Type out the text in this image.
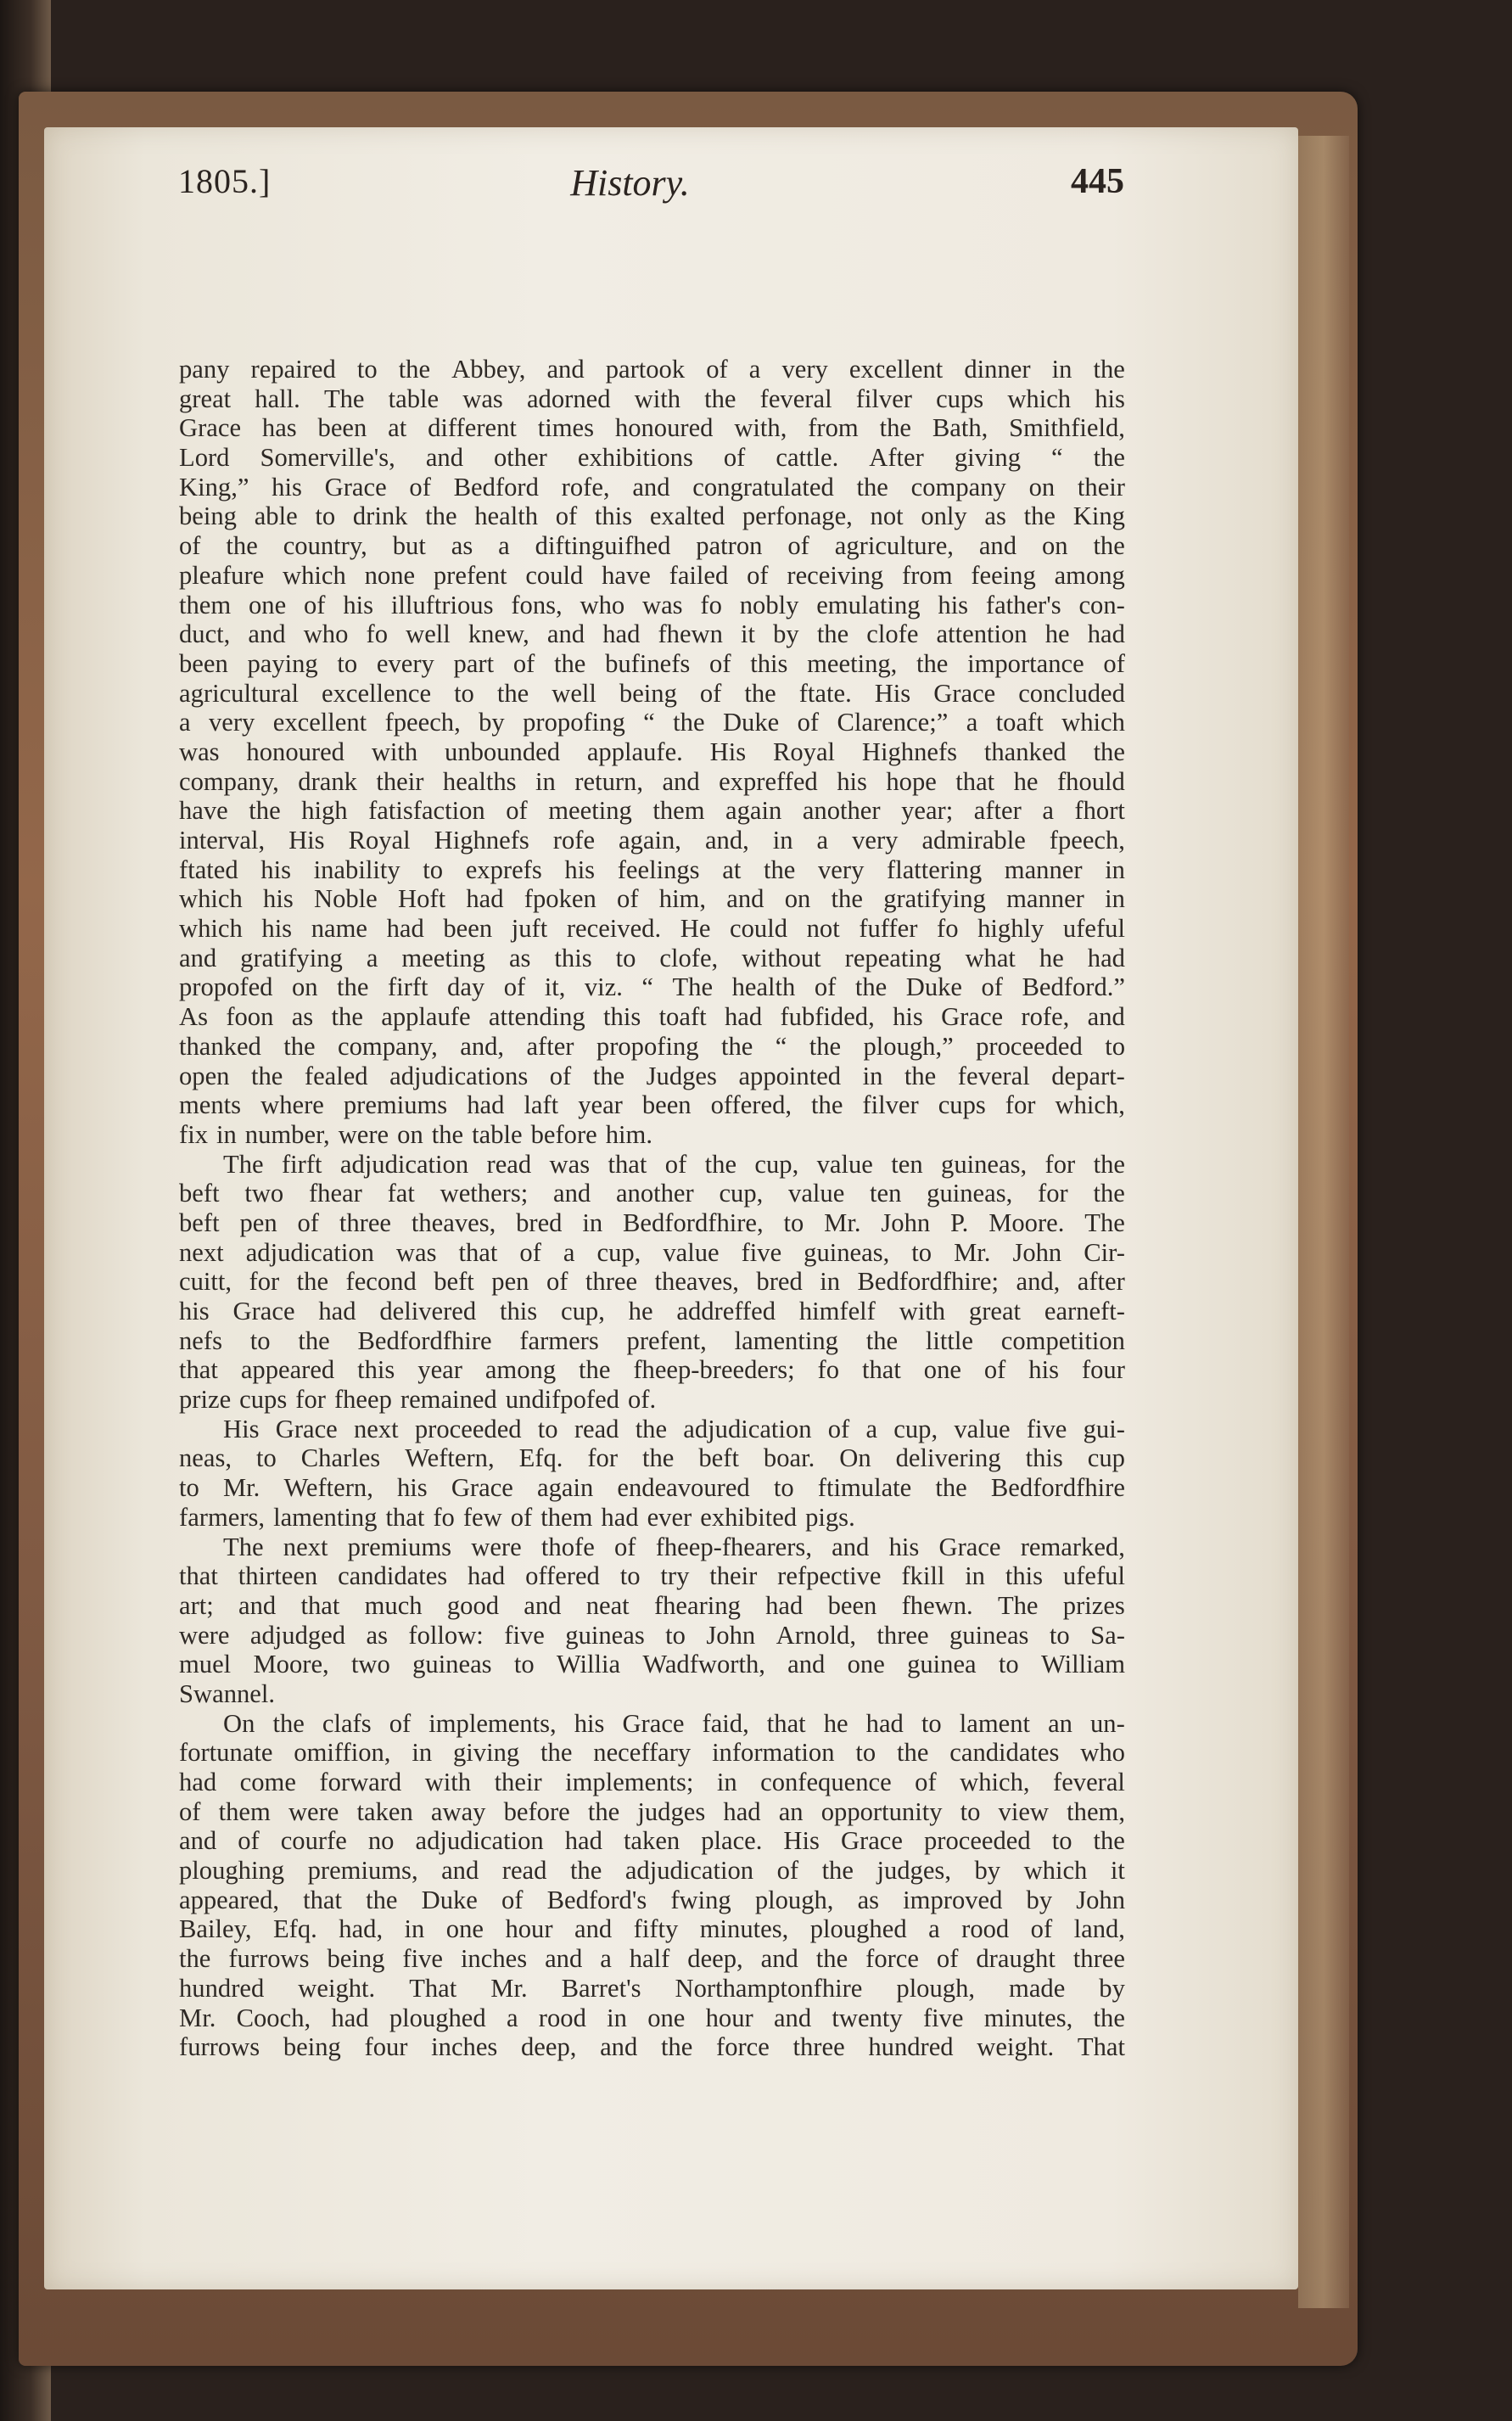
History.
1805.]	445
pany repaired to the Abbey, and partook of a very excellent dinner in the
great hall. The table was adorned with the feveral filver cups which his
Grace has been at different times honoured with, from the Bath, Smithfield,
Lord Somerville's, and other exhibitions of cattle. After giving “ the
King,” his Grace of Bedford rofe, and congratulated the company on their
being able to drink the health of this exalted perfonage, not only as the King
of the country, but as a diftinguifhed patron of agriculture, and on the
pleafure which none prefent could have failed of receiving from feeing among
them one of his illuftrious fons, who was fo nobly emulating his father's con-
duct, and who fo well knew, and had fhewn it by the clofe attention he had
been paying to every part of the bufinefs of this meeting, the importance of
agricultural excellence to the well being of the ftate. His Grace concluded
a very excellent fpeech, by propofing “ the Duke of Clarence;” a toaft which
was honoured with unbounded applaufe. His Royal Highnefs thanked the
company, drank their healths in return, and expreffed his hope that he fhould
have the high fatisfaction of meeting them again another year; after a fhort
interval, His Royal Highnefs rofe again, and, in a very admirable fpeech,
ftated his inability to exprefs his feelings at the very flattering manner in
which his Noble Hoft had fpoken of him, and on the gratifying manner in
which his name had been juft received. He could not fuffer fo highly ufeful
and gratifying a meeting as this to clofe, without repeating what he had
propofed on the firft day of it, viz. “ The health of the Duke of Bedford.”
As foon as the applaufe attending this toaft had fubfided, his Grace rofe, and
thanked the company, and, after propofing the “ the plough,” proceeded to
open the fealed adjudications of the Judges appointed in the feveral depart-
ments where premiums had laft year been offered, the filver cups for which,
fix in number, were on the table before him.
The firft adjudication read was that of the cup, value ten guineas, for the
beft two fhear fat wethers; and another cup, value ten guineas, for the
beft pen of three theaves, bred in Bedfordfhire, to Mr. John P. Moore. The
next adjudication was that of a cup, value five guineas, to Mr. John Cir-
cuitt, for the fecond beft pen of three theaves, bred in Bedfordfhire; and, after
his Grace had delivered this cup, he addreffed himfelf with great earneft-
nefs to the Bedfordfhire farmers prefent, lamenting the little competition
that appeared this year among the fheep-breeders; fo that one of his four
prize cups for fheep remained undifpofed of.
His Grace next proceeded to read the adjudication of a cup, value five gui-
neas, to Charles Weftern, Efq. for the beft boar. On delivering this cup
to Mr. Weftern, his Grace again endeavoured to ftimulate the Bedfordfhire
farmers, lamenting that fo few of them had ever exhibited pigs.
The next premiums were thofe of fheep-fhearers, and his Grace remarked,
that thirteen candidates had offered to try their refpective fkill in this ufeful
art; and that much good and neat fhearing had been fhewn. The prizes
were adjudged as follow: five guineas to John Arnold, three guineas to Sa-
muel Moore, two guineas to Willia Wadfworth, and one guinea to William
Swannel.
On the clafs of implements, his Grace faid, that he had to lament an un-
fortunate omiffion, in giving the neceffary information to the candidates who
had come forward with their implements; in confequence of which, feveral
of them were taken away before the judges had an opportunity to view them,
and of courfe no adjudication had taken place. His Grace proceeded to the
ploughing premiums, and read the adjudication of the judges, by which it
appeared, that the Duke of Bedford's fwing plough, as improved by John
Bailey, Efq. had, in one hour and fifty minutes, ploughed a rood of land,
the furrows being five inches and a half deep, and the force of draught three
hundred weight. That Mr. Barret's Northamptonfhire plough, made by
Mr. Cooch, had ploughed a rood in one hour and twenty five minutes, the
furrows being four inches deep, and the force three hundred weight. That
